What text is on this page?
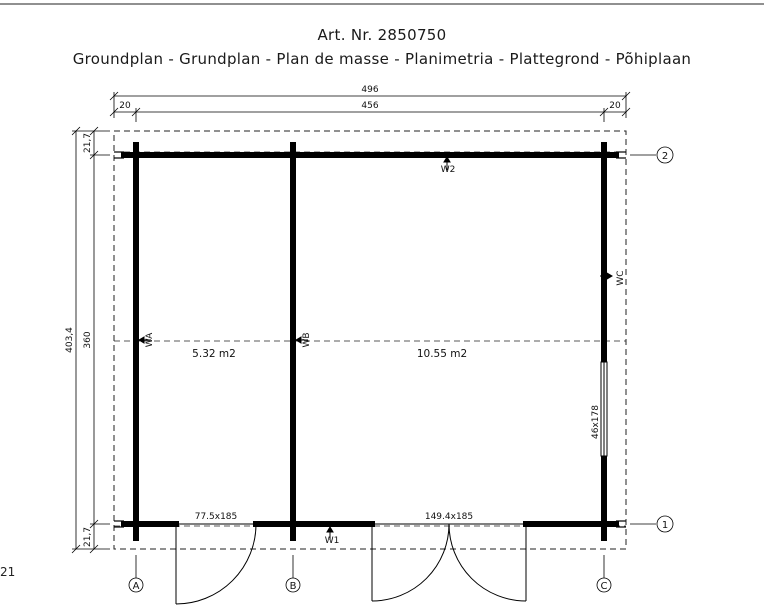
Art. Nr. 2850750
Groundplan - Grundplan - Plan de masse - Planimetria - Plattegrond - Põhiplaan
21
496
456
20	20
403,4 360
21,7
21,7
2
1
A	B	C
5.32 m2	10.55 m2
77.5x185	149.4x185
46x178
W2
W1
WA	WB
WC
